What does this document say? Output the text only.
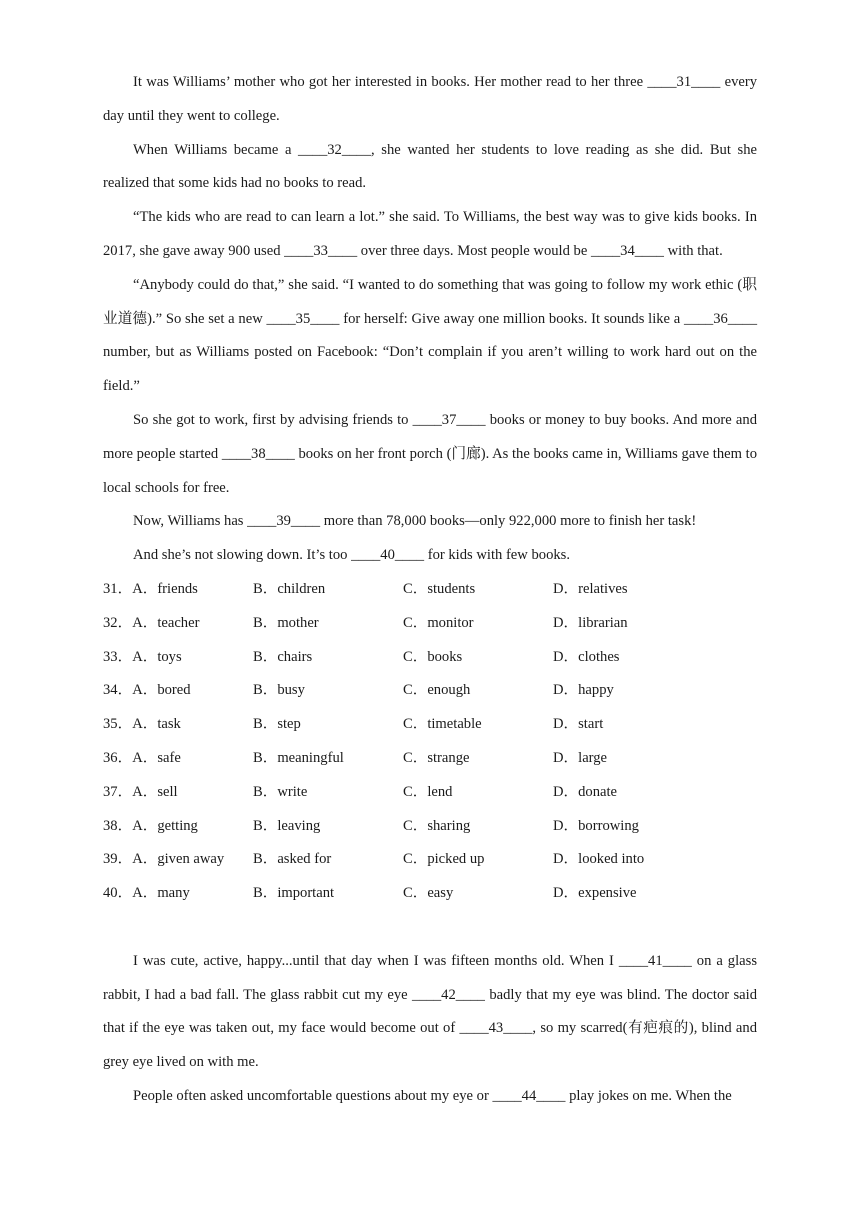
It was Williams’ mother who got her interested in books. Her mother read to her three ____31____ every day until they went to college.

When Williams became a ____32____, she wanted her students to love reading as she did. But she realized that some kids had no books to read.

“The kids who are read to can learn a lot.” she said. To Williams, the best way was to give kids books. In 2017, she gave away 900 used ____33____ over three days. Most people would be ____34____ with that.

“Anybody could do that,” she said. “I wanted to do something that was going to follow my work ethic (职业道德).” So she set a new ____35____ for herself: Give away one million books. It sounds like a ____36____ number, but as Williams posted on Facebook: “Don’t complain if you aren’t willing to work hard out on the field.”

So she got to work, first by advising friends to ____37____ books or money to buy books. And more and more people started ____38____ books on her front porch (门廊). As the books came in, Williams gave them to local schools for free.

Now, Williams has ____39____ more than 78,000 books—only 922,000 more to finish her task!

And she’s not slowing down. It’s too ____40____ for kids with few books.

31．A．friends	B．children	C．students	D．relatives
32．A．teacher	B．mother	C．monitor	D．librarian
33．A．toys	B．chairs	C．books	D．clothes
34．A．bored	B．busy	C．enough	D．happy
35．A．task	B．step	C．timetable	D．start
36．A．safe	B．meaningful	C．strange	D．large
37．A．sell	B．write	C．lend	D．donate
38．A．getting	B．leaving	C．sharing	D．borrowing
39．A．given away B．asked for	C．picked up	D．looked into
40．A．many	B．important	C．easy	D．expensive

I was cute, active, happy...until that day when I was fifteen months old. When I ____41____ on a glass rabbit, I had a bad fall. The glass rabbit cut my eye ____42____ badly that my eye was blind. The doctor said that if the eye was taken out, my face would become out of ____43____, so my scarred(有疤痕的), blind and grey eye lived on with me.

People often asked uncomfortable questions about my eye or ____44____ play jokes on me. When the
